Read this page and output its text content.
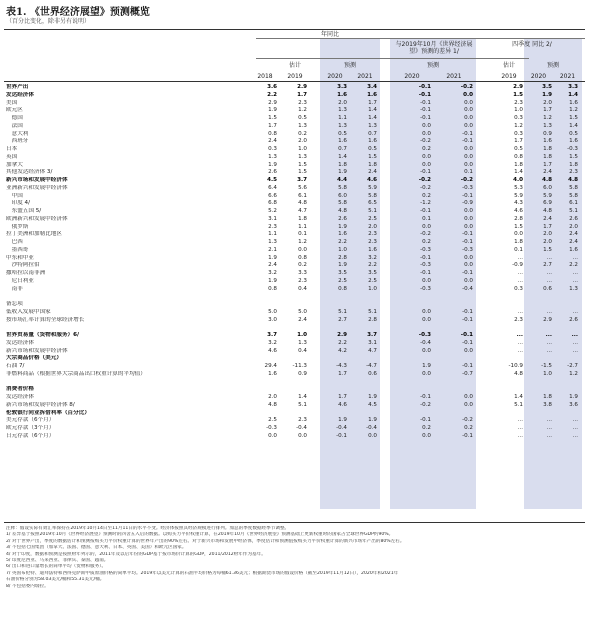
表1. 《世界经济展望》预测概览
（百分比变化，除非另有说明）
年同比
与2019年10月《世界经济展望》预测的差异 1/
四季度 同比 2/
估计	预测	预测	估计	预测
2018	2019	2020	2021	2020	2021	2019	2020	2021
世界产出	3.6	2.9		3.3	3.4		-0.1	-0.2		2.9	3.5	3.3
发达经济体	2.2	1.7		1.6	1.6		-0.1	0.0		1.5	1.9	1.4
美国	2.9	2.3		2.0	1.7		-0.1	0.0		2.3	2.0	1.6
欧元区	1.9	1.2		1.3	1.4		-0.1	0.0		1.0	1.7	1.2
　德国	1.5	0.5		1.1	1.4		-0.1	0.0		0.3	1.2	1.5
　法国	1.7	1.3		1.3	1.3		0.0	0.0		1.2	1.3	1.4
　意大利	0.8	0.2		0.5	0.7		0.0	-0.1		0.3	0.9	0.5
　西班牙	2.4	2.0		1.6	1.6		-0.2	-0.1		1.7	1.6	1.6
日本	0.3	1.0		0.7	0.5		0.2	0.0		0.5	1.8	-0.3
英国	1.3	1.3		1.4	1.5		0.0	0.0		0.8	1.8	1.5
加拿大	1.9	1.5		1.8	1.8		0.0	0.0		1.8	1.7	1.8
其他发达经济体 3/	2.6	1.5		1.9	2.4		-0.1	0.1		1.4	2.4	2.3
新兴市场和发展中经济体	4.5	3.7		4.4	4.6		-0.2	-0.2		4.0	4.8	4.8
亚洲新兴和发展中经济体	6.4	5.6		5.8	5.9		-0.2	-0.3		5.3	6.0	5.8
　中国	6.6	6.1		6.0	5.8		0.2	-0.1		5.9	5.9	5.8
　印度 4/	6.8	4.8		5.8	6.5		-1.2	-0.9		4.3	6.9	6.1
　东盟五国 5/	5.2	4.7		4.8	5.1		-0.1	0.0		4.6	4.8	5.1
欧洲新兴和发展中经济体	3.1	1.8		2.6	2.5		0.1	0.0		2.8	2.4	2.6
　俄罗斯	2.3	1.1		1.9	2.0		0.0	0.0		1.5	1.7	2.0
拉丁美洲和加勒比地区	1.1	0.1		1.6	2.3		-0.2	-0.1		0.0	2.0	2.4
　巴西	1.3	1.2		2.2	2.3		0.2	-0.1		1.8	2.0	2.4
　墨西哥	2.1	0.0		1.0	1.6		-0.3	-0.3		0.1	1.5	1.6
中东和中亚	1.9	0.8		2.8	3.2		-0.1	0.0		...	...	...
　沙特阿拉伯	2.4	0.2		1.9	2.2		-0.3	0.0		-0.9	2.7	2.2
撒哈拉以南非洲	3.2	3.3		3.5	3.5		-0.1	-0.1		...	...	...
　尼日利亚	1.9	2.3		2.5	2.5		0.0	0.0		...	...	...
　南非	0.8	0.4		0.8	1.0		-0.3	-0.4		0.3	0.6	1.3

备忘项												
低收入发展中国家	5.0	5.0		5.1	5.1		0.0	-0.1		...	...	...
按市场汇率计算的全球经济增长	3.0	2.4		2.7	2.8		0.0	-0.1		2.3	2.9	2.6

世界贸易量（货物和服务）6/	3.7	1.0		2.9	3.7		-0.3	-0.1		...	...	...
发达经济体	3.2	1.3		2.2	3.1		-0.4	-0.1		...	...	...
新兴市场和发展中经济体	4.6	0.4		4.2	4.7		0.0	0.0		...	...	...
大宗商品价格（美元）												
石油 7/	29.4	-11.3		-4.3	-4.7		1.9	-0.1		-10.9	-1.5	-2.7
非燃料商品（根据世界大宗商品出口权重计算的平均值）	1.6	0.9		1.7	0.6		0.0	-0.7		4.8	1.0	1.2

消费者价格												
发达经济体	2.0	1.4		1.7	1.9		-0.1	0.0		1.4	1.8	1.9
新兴市场和发展中经济体 8/	4.8	5.1		4.6	4.5		-0.2	0.0		5.1	3.8	3.6
伦敦银行同业拆借利率（百分比）												
美元存款（6个月）	2.5	2.3		1.9	1.9		-0.1	-0.2		...	...	...
欧元存款（3个月）	-0.3	-0.4		-0.4	-0.4		0.2	0.2		...	...	...
日元存款（6个月）	0.0	0.0		-0.1	0.0		0.0	-0.1		...	...	...
注释：假设实际有效汇率保持在2019年10月14日至11月11日的水平不变。经济体按照其经济规模进行排列。加总的季度数据经季节调整。
1/ 差异基于按照2019年10月《世界经济展望》预测时的四舍五入后的数据。以购买力平价权重计算，在2019年10月《世界经济展望》预测基础上更新权重时的国家占全球世界GDP约90%。
2/ 对于世界产出，季度的数据估计和预测按购买力平价权重计算的世界年产出的90%左右。对于新兴市场和发展中经济体，季度估计和预测值按购买力平价权重计算的新兴市场年产出的80%左右。
3/ 不包括七国集团（加拿大、法国、德国、意大利、日本、英国、美国）和欧元区国家。
4/ 对于印度，数据和预测是按照财年列示的，2011年及以后年份的GDP基于按市场价计算的GDP，2011/2012财年作为基年。
5/ 印度尼西亚、马来西亚、菲律宾、泰国、越南。
6/ 出口和进口量增长的简单平均（货物和服务）。
7/ 英国布伦特、迪拜法特和西得克萨斯中质原油价格的简单平均。2019年以美元计算的石油平均价格为每桶61.36美元；根据期货市场的假设价格（截至2019年11月12日），2020年和2021年
石油价格分别为58.03美元/桶和55.31美元/桶。
8/ 不包括委内瑞拉。
